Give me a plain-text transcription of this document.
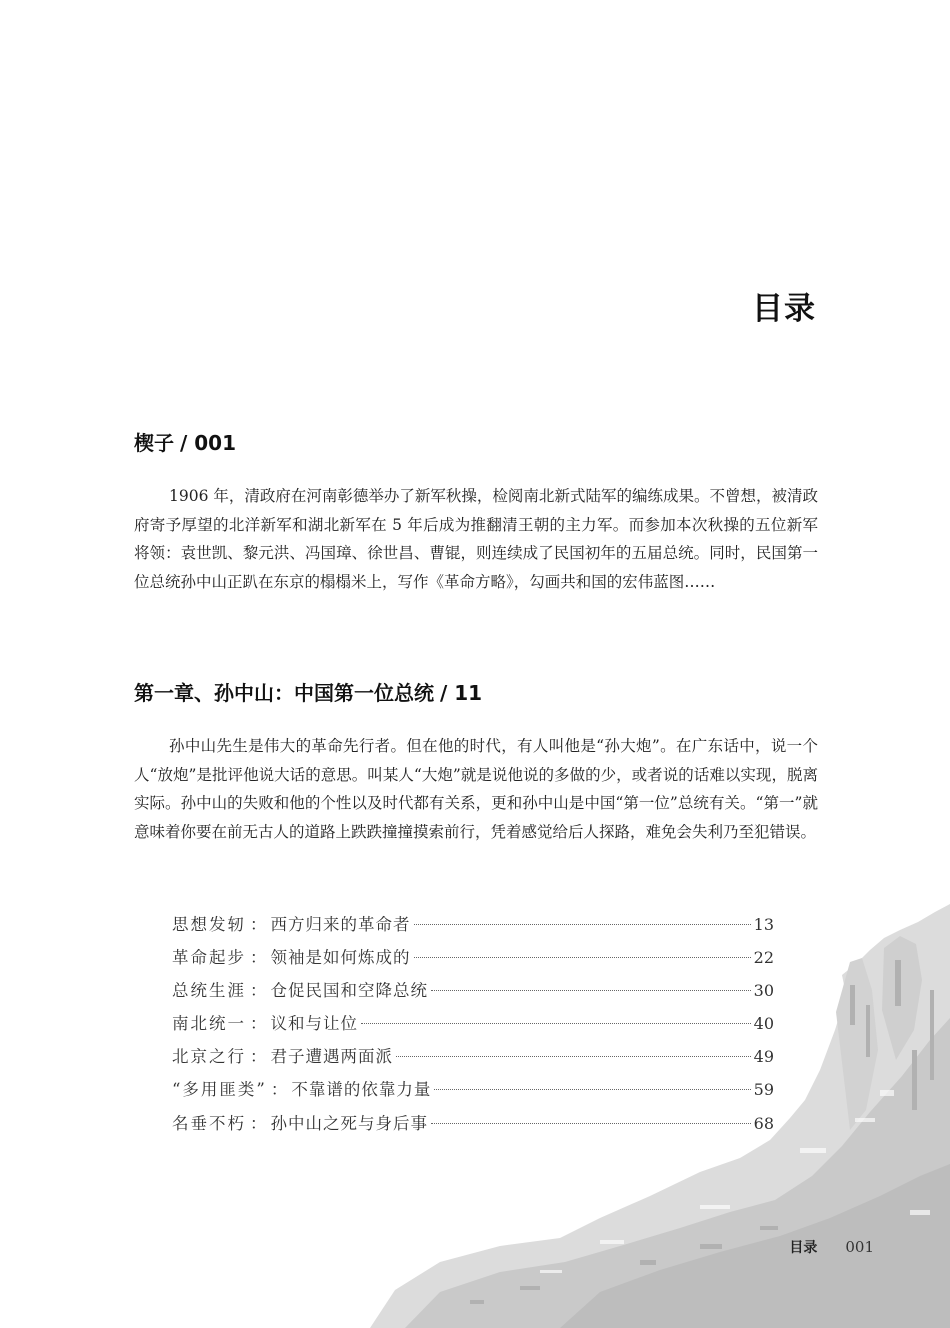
目录
楔子 / 001

1906 年，清政府在河南彰德举办了新军秋操，检阅南北新式陆军的编练成果。不曾想，被清政府寄予厚望的北洋新军和湖北新军在 5 年后成为推翻清王朝的主力军。而参加本次秋操的五位新军将领：袁世凯、黎元洪、冯国璋、徐世昌、曹锟，则连续成了民国初年的五届总统。同时，民国第一位总统孙中山正趴在东京的榻榻米上，写作《革命方略》，勾画共和国的宏伟蓝图……

第一章、孙中山：中国第一位总统 / 11

孙中山先生是伟大的革命先行者。但在他的时代，有人叫他是“孙大炮”。在广东话中，说一个人“放炮”是批评他说大话的意思。叫某人“大炮”就是说他说的多做的少，或者说的话难以实现，脱离实际。孙中山的失败和他的个性以及时代都有关系，更和孙中山是中国“第一位”总统有关。“第一”就意味着你要在前无古人的道路上跌跌撞撞摸索前行，凭着感觉给后人探路，难免会失利乃至犯错误。

思想发轫 ： 西方归来的革命者	13
革命起步 ： 领袖是如何炼成的	22
总统生涯 ： 仓促民国和空降总统	30
南北统一 ： 议和与让位	40
北京之行 ： 君子遭遇两面派	49
“多用匪类” ： 不靠谱的依靠力量	59
名垂不朽 ： 孙中山之死与身后事	68
目录 001
